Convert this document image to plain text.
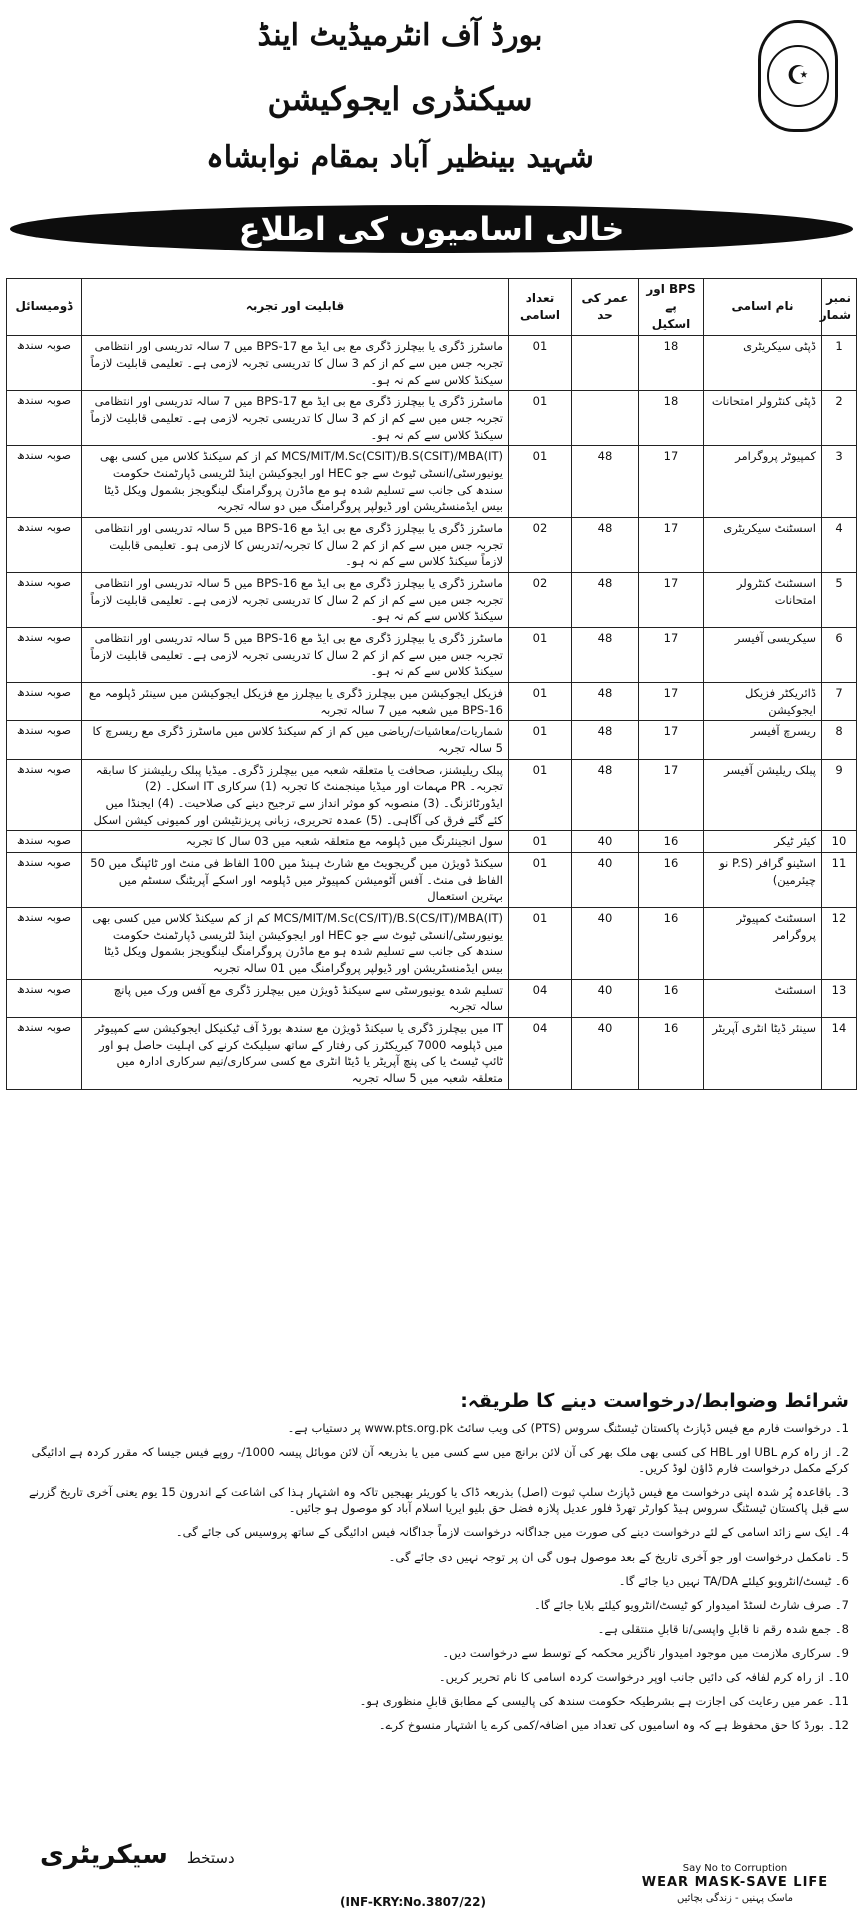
☪
بورڈ آف انٹرمیڈیٹ اینڈ
سیکنڈری ایجوکیشن
شہید بینظیر آباد بمقام نوابشاہ
خالی اسامیوں کی اطلاع
نمبر شمار	نام اسامی	BPS اور پے اسکیل	عمر کی حد	تعداد اسامی	قابلیت اور تجربہ	ڈومیسائل
1	ڈپٹی سیکریٹری	18		01	ماسٹرز ڈگری یا بیچلرز ڈگری مع بی ایڈ مع BPS-17 میں 7 سالہ تدریسی اور انتظامی تجربہ جس میں سے کم از کم 3 سال کا تدریسی تجربہ لازمی ہے۔ تعلیمی قابلیت لازماً سیکنڈ کلاس سے کم نہ ہو۔	صوبہ سندھ
2	ڈپٹی کنٹرولر امتحانات	18		01	ماسٹرز ڈگری یا بیچلرز ڈگری مع بی ایڈ مع BPS-17 میں 7 سالہ تدریسی اور انتظامی تجربہ جس میں سے کم از کم 3 سال کا تدریسی تجربہ لازمی ہے۔ تعلیمی قابلیت لازماً سیکنڈ کلاس سے کم نہ ہو۔	صوبہ سندھ
3	کمپیوٹر پروگرامر	17	48	01	MCS/MIT/M.Sc(CSIT)/B.S(CSIT)/MBA(IT) کم از کم سیکنڈ کلاس میں کسی بھی یونیورسٹی/انسٹی ٹیوٹ سے جو HEC اور ایجوکیشن اینڈ لٹریسی ڈپارٹمنٹ حکومت سندھ کی جانب سے تسلیم شدہ ہو مع ماڈرن پروگرامنگ لینگویجز بشمول ویکل ڈیٹا بیس ایڈمنسٹریشن اور ڈیولپر پروگرامنگ میں دو سالہ تجربہ	صوبہ سندھ
4	اسسٹنٹ سیکریٹری	17	48	02	ماسٹرز ڈگری یا بیچلرز ڈگری مع بی ایڈ مع BPS-16 میں 5 سالہ تدریسی اور انتظامی تجربہ جس میں سے کم از کم 2 سال کا تجربہ/تدریس کا لازمی ہو۔ تعلیمی قابلیت لازماً سیکنڈ کلاس سے کم نہ ہو۔	صوبہ سندھ
5	اسسٹنٹ کنٹرولر امتحانات	17	48	02	ماسٹرز ڈگری یا بیچلرز ڈگری مع بی ایڈ مع BPS-16 میں 5 سالہ تدریسی اور انتظامی تجربہ جس میں سے کم از کم 2 سال کا تدریسی تجربہ لازمی ہے۔ تعلیمی قابلیت لازماً سیکنڈ کلاس سے کم نہ ہو۔	صوبہ سندھ
6	سیکریسی آفیسر	17	48	01	ماسٹرز ڈگری یا بیچلرز ڈگری مع بی ایڈ مع BPS-16 میں 5 سالہ تدریسی اور انتظامی تجربہ جس میں سے کم از کم 2 سال کا تدریسی تجربہ لازمی ہے۔ تعلیمی قابلیت لازماً سیکنڈ کلاس سے کم نہ ہو۔	صوبہ سندھ
7	ڈائریکٹر فزیکل ایجوکیشن	17	48	01	فزیکل ایجوکیشن میں بیچلرز ڈگری یا بیچلرز مع فزیکل ایجوکیشن میں سینئر ڈپلومہ مع BPS-16 میں شعبہ میں 7 سالہ تجربہ	صوبہ سندھ
8	ریسرچ آفیسر	17	48	01	شماریات/معاشیات/ریاضی میں کم از کم سیکنڈ کلاس میں ماسٹرز ڈگری مع ریسرچ کا 5 سالہ تجربہ	صوبہ سندھ
9	پبلک ریلیشن آفیسر	17	48	01	پبلک ریلیشنز، صحافت یا متعلقہ شعبہ میں بیچلرز ڈگری۔ میڈیا پبلک ریلیشنز کا سابقہ تجربہ۔ PR مہمات اور میڈیا مینجمنٹ کا تجربہ (1) سرکاری IT اسکل۔ (2) ایڈورٹائزنگ۔ (3) منصوبہ کو موثر انداز سے ترجیح دینے کی صلاحیت۔ (4) ایجنڈا میں کئے گئے فرق کی آگاہی۔ (5) عمدہ تحریری، زبانی پریزنٹیشن اور کمیونی کیشن اسکل	صوبہ سندھ
10	کیئر ٹیکر	16	40	01	سول انجینئرنگ میں ڈپلومہ مع متعلقہ شعبہ میں 03 سال کا تجربہ	صوبہ سندھ
11	اسٹینو گرافر (P.S نو چیئرمین)	16	40	01	سیکنڈ ڈویژن میں گریجویٹ مع شارٹ ہینڈ میں 100 الفاظ فی منٹ اور ٹائپنگ میں 50 الفاظ فی منٹ۔ آفس آٹومیشن کمپیوٹر میں ڈپلومہ اور اسکے آپریٹنگ سسٹم میں بہترین استعمال	صوبہ سندھ
12	اسسٹنٹ کمپیوٹر پروگرامر	16	40	01	MCS/MIT/M.Sc(CS/IT)/B.S(CS/IT)/MBA(IT) کم از کم سیکنڈ کلاس میں کسی بھی یونیورسٹی/انسٹی ٹیوٹ سے جو HEC اور ایجوکیشن اینڈ لٹریسی ڈپارٹمنٹ حکومت سندھ کی جانب سے تسلیم شدہ ہو مع ماڈرن پروگرامنگ لینگویجز بشمول ویکل ڈیٹا بیس ایڈمنسٹریشن اور ڈیولپر پروگرامنگ میں 01 سالہ تجربہ	صوبہ سندھ
13	اسسٹنٹ	16	40	04	تسلیم شدہ یونیورسٹی سے سیکنڈ ڈویژن میں بیچلرز ڈگری مع آفس ورک میں پانچ سالہ تجربہ	صوبہ سندھ
14	سینئر ڈیٹا انٹری آپریٹر	16	40	04	IT میں بیچلرز ڈگری یا سیکنڈ ڈویژن مع سندھ بورڈ آف ٹیکنیکل ایجوکیشن سے کمپیوٹر میں ڈپلومہ 7000 کیریکٹرز کی رفتار کے ساتھ سیلیکٹ کرنے کی اہلیت حاصل ہو اور ٹائپ ٹیسٹ یا کی پنچ آپریٹر یا ڈیٹا انٹری مع کسی سرکاری/نیم سرکاری ادارہ میں متعلقہ شعبہ میں 5 سالہ تجربہ	صوبہ سندھ
شرائط وضوابط/درخواست دینے کا طریقہ:
1۔ درخواست فارم مع فیس ڈپازٹ پاکستان ٹیسٹنگ سروس (PTS) کی ویب سائٹ www.pts.org.pk پر دستیاب ہے۔
2۔ از راہ کرم UBL اور HBL کی کسی بھی ملک بھر کی آن لائن برانچ میں سے کسی میں یا بذریعہ آن لائن موبائل پیسہ 1000/- روپے فیس جیسا کہ مقرر کردہ ہے ادائیگی کرکے مکمل درخواست فارم ڈاؤن لوڈ کریں۔
3۔ باقاعدہ پُر شدہ اپنی درخواست مع فیس ڈپازٹ سلپ ثبوت (اصل) بذریعہ ڈاک یا کوریئر بھیجیں تاکہ وہ اشتہار ہذا کی اشاعت کے اندرون 15 یوم یعنی آخری تاریخ گزرنے سے قبل پاکستان ٹیسٹنگ سروس ہیڈ کوارٹر تھرڈ فلور عدیل پلازہ فضل حق بلیو ایریا اسلام آباد کو موصول ہو جائیں۔
4۔ ایک سے زائد اسامی کے لئے درخواست دینے کی صورت میں جداگانہ درخواست لازماً جداگانہ فیس ادائیگی کے ساتھ پروسیس کی جائے گی۔
5۔ نامکمل درخواست اور جو آخری تاریخ کے بعد موصول ہوں گی ان پر توجہ نہیں دی جائے گی۔
6۔ ٹیسٹ/انٹرویو کیلئے TA/DA نہیں دیا جائے گا۔
7۔ صرف شارٹ لسٹڈ امیدوار کو ٹیسٹ/انٹرویو کیلئے بلایا جائے گا۔
8۔ جمع شدہ رقم نا قابلِ واپسی/نا قابلِ منتقلی ہے۔
9۔ سرکاری ملازمت میں موجود امیدوار ناگزیر محکمہ کے توسط سے درخواست دیں۔
10۔ از راہ کرم لفافہ کی دائیں جانب اوپر درخواست کردہ اسامی کا نام تحریر کریں۔
11۔ عمر میں رعایت کی اجازت ہے بشرطیکہ حکومت سندھ کی پالیسی کے مطابق قابلِ منظوری ہو۔
12۔ بورڈ کا حق محفوظ ہے کہ وہ اسامیوں کی تعداد میں اضافہ/کمی کرے یا اشتہار منسوخ کرے۔
دستخط سیکریٹری
(INF-KRY:No.3807/22)
Say No to Corruption
WEAR MASK-SAVE LIFE
ماسک پہنیں - زندگی بچائیں
